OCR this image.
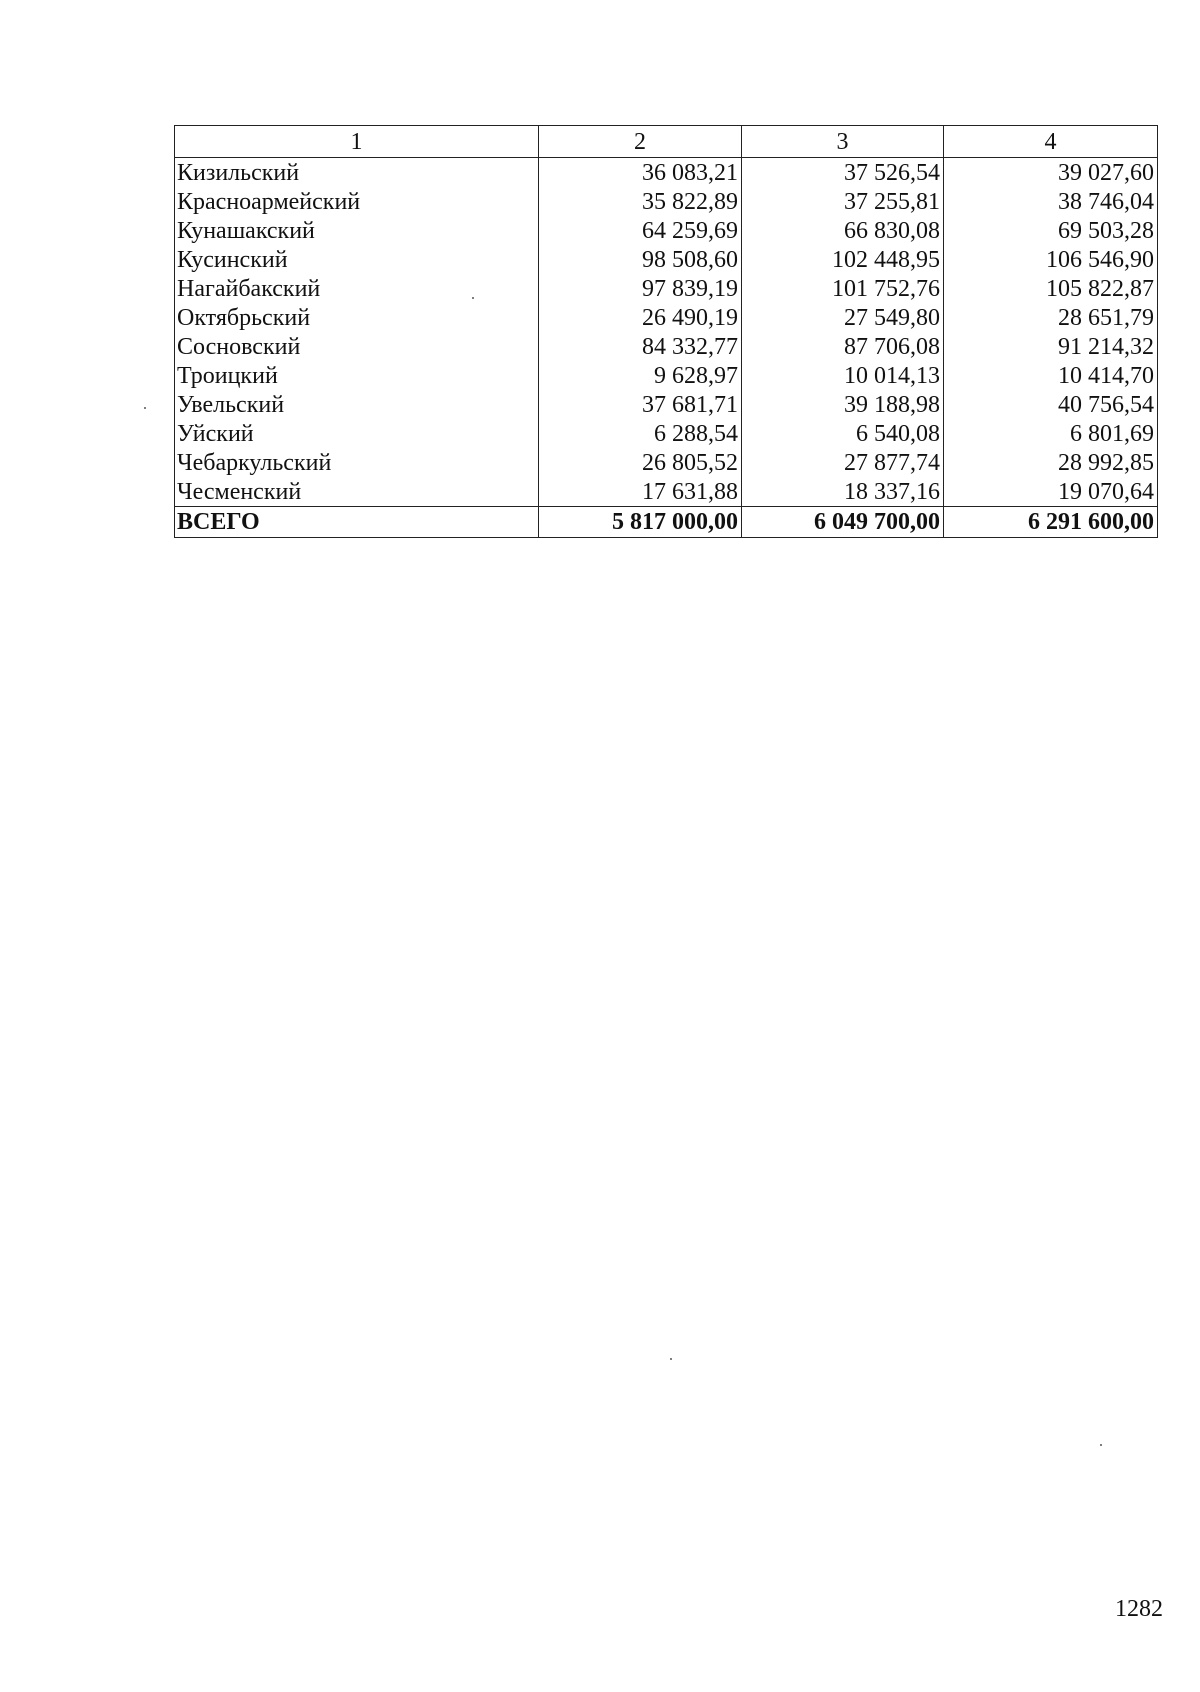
1	2	3	4
Кизильский	36 083,21	37 526,54	39 027,60
Красноармейский	35 822,89	37 255,81	38 746,04
Кунашакский	64 259,69	66 830,08	69 503,28
Кусинский	98 508,60	102 448,95	106 546,90
Нагайбакский	97 839,19	101 752,76	105 822,87
Октябрьский	26 490,19	27 549,80	28 651,79
Сосновский	84 332,77	87 706,08	91 214,32
Троицкий	9 628,97	10 014,13	10 414,70
Увельский	37 681,71	39 188,98	40 756,54
Уйский	6 288,54	6 540,08	6 801,69
Чебаркульский	26 805,52	27 877,74	28 992,85
Чесменский	17 631,88	18 337,16	19 070,64
ВСЕГО	5 817 000,00	6 049 700,00	6 291 600,00
1282
